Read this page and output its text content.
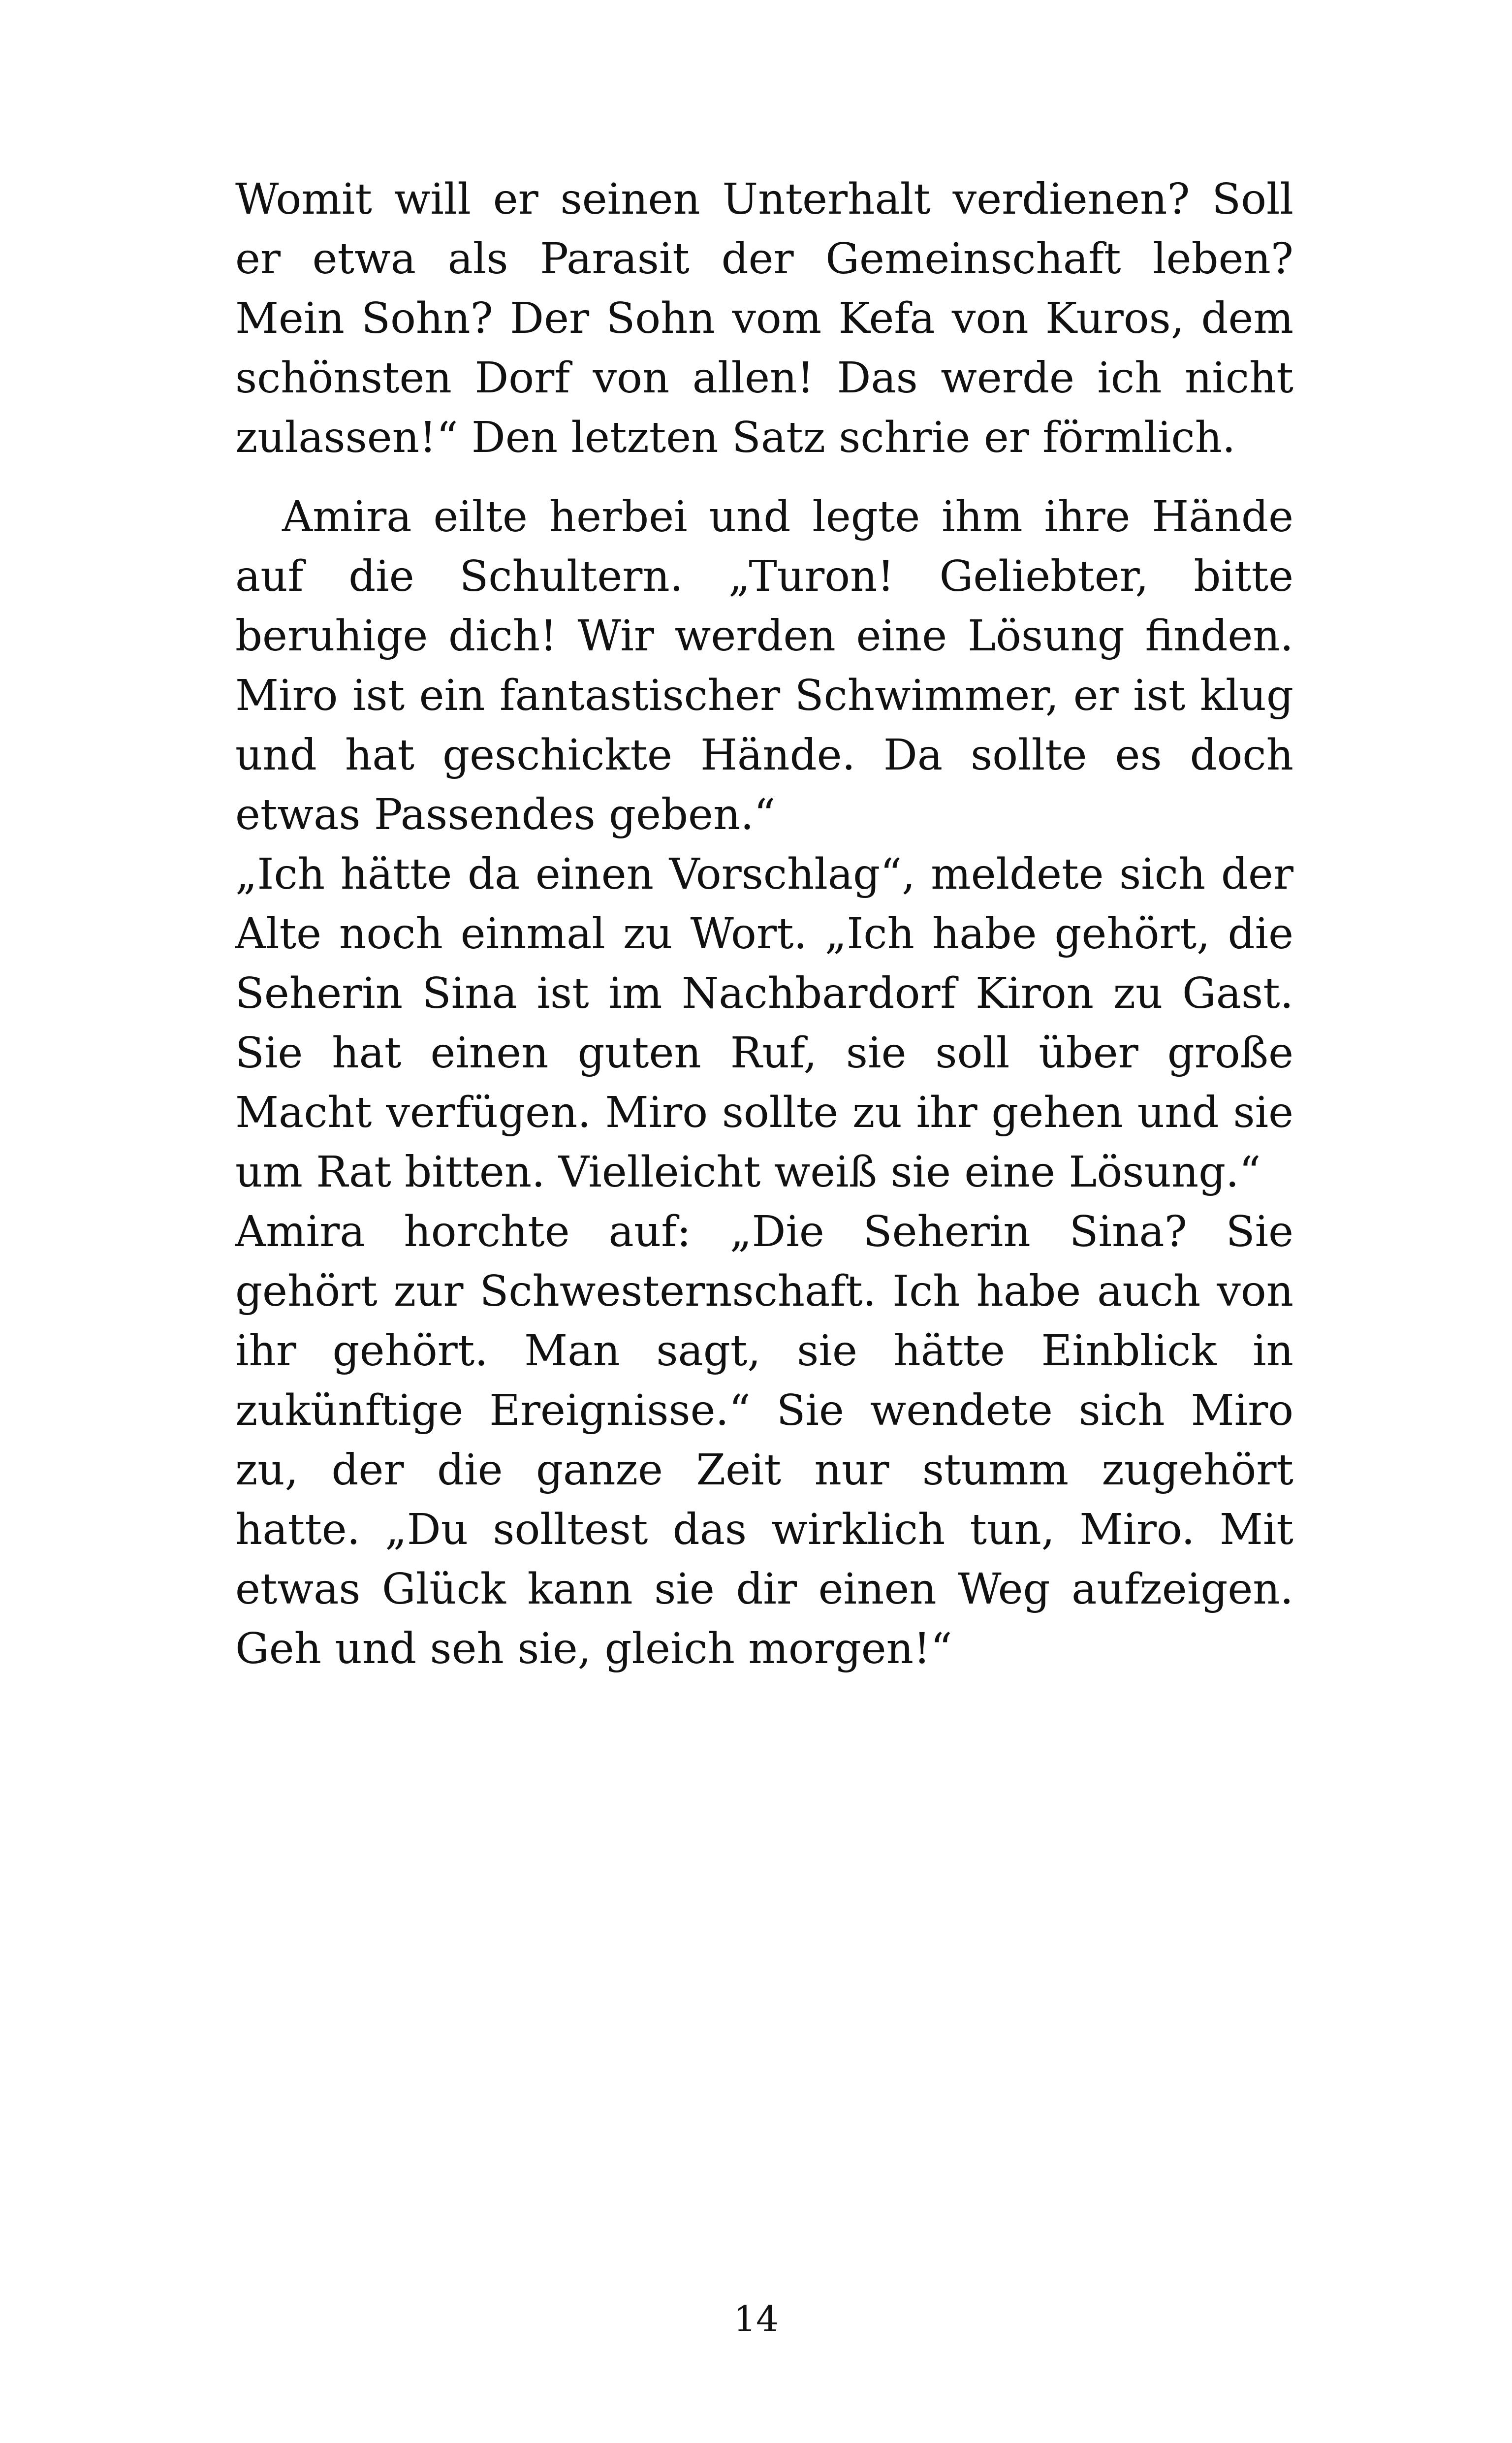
Womit will er seinen Unterhalt verdienen? Soll er etwa als Parasit der Gemeinschaft leben? Mein Sohn? Der Sohn vom Kefa von Kuros, dem schönsten Dorf von allen! Das werde ich nicht zulassen!“ Den letzten Satz schrie er förmlich.

Amira eilte herbei und legte ihm ihre Hände auf die Schultern. „Turon! Geliebter, bitte beruhige dich! Wir werden eine Lösung finden. Miro ist ein fantastischer Schwimmer, er ist klug und hat geschickte Hände. Da sollte es doch etwas Passendes geben.“

„Ich hätte da einen Vorschlag“, meldete sich der Alte noch einmal zu Wort. „Ich habe gehört, die Seherin Sina ist im Nachbardorf Kiron zu Gast. Sie hat einen guten Ruf, sie soll über große Macht verfügen. Miro sollte zu ihr gehen und sie um Rat bitten. Vielleicht weiß sie eine Lösung.“

Amira horchte auf: „Die Seherin Sina? Sie gehört zur Schwesternschaft. Ich habe auch von ihr gehört. Man sagt, sie hätte Einblick in zukünftige Ereignisse.“ Sie wendete sich Miro zu, der die ganze Zeit nur stumm zugehört hatte. „Du solltest das wirklich tun, Miro. Mit etwas Glück kann sie dir einen Weg aufzeigen. Geh und seh sie, gleich morgen!“

14
